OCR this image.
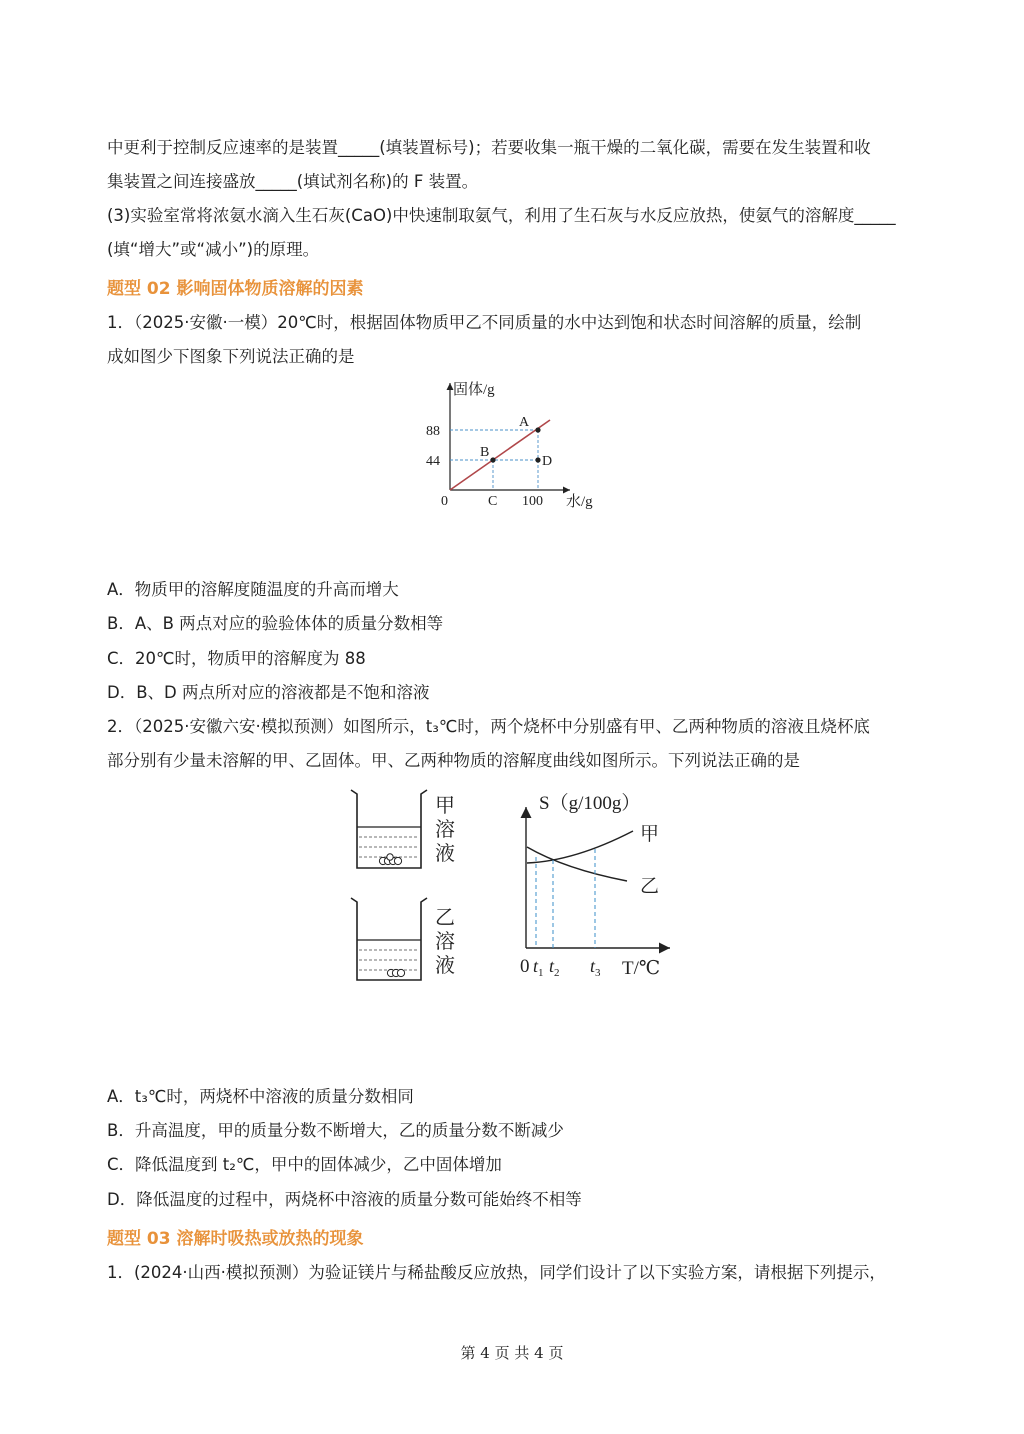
中更利于控制反应速率的是装置_____(填装置标号)；若要收集一瓶干燥的二氧化碳，需要在发生装置和收
集装置之间连接盛放_____(填试剂名称)的 F 装置。
(3)实验室常将浓氨水滴入生石灰(CaO)中快速制取氨气，利用了生石灰与水反应放热，使氨气的溶解度_____
(填“增大”或“减小”)的原理。
题型 02 影响固体物质溶解的因素
1．（2025·安徽·一模）20℃时，根据固体物质甲乙不同质量的水中达到饱和状态时间溶解的质量，绘制
成如图少下图象下列说法正确的是
固体/g
88
44
0	C 100 水/g
A
B
D
A．物质甲的溶解度随温度的升高而增大
B．A、B 两点对应的验验体体的质量分数相等
C．20℃时，物质甲的溶解度为 88
D．B、D 两点所对应的溶液都是不饱和溶液
2．（2025·安徽六安·模拟预测）如图所示，t₃℃时，两个烧杯中分别盛有甲、乙两种物质的溶液且烧杯底
部分别有少量未溶解的甲、乙固体。甲、乙两种物质的溶解度曲线如图所示。下列说法正确的是
甲
溶
液
乙
溶
液
S（g/100g）
甲
乙
0 $t_1$ $t_2$ $t_3$ T/℃
A．t₃℃时，两烧杯中溶液的质量分数相同
B．升高温度，甲的质量分数不断增大，乙的质量分数不断减少
C．降低温度到 t₂℃，甲中的固体减少，乙中固体增加
D．降低温度的过程中，两烧杯中溶液的质量分数可能始终不相等
题型 03 溶解时吸热或放热的现象
1．(2024·山西·模拟预测）为验证镁片与稀盐酸反应放热，同学们设计了以下实验方案，请根据下列提示，
第 4 页 共 4 页
